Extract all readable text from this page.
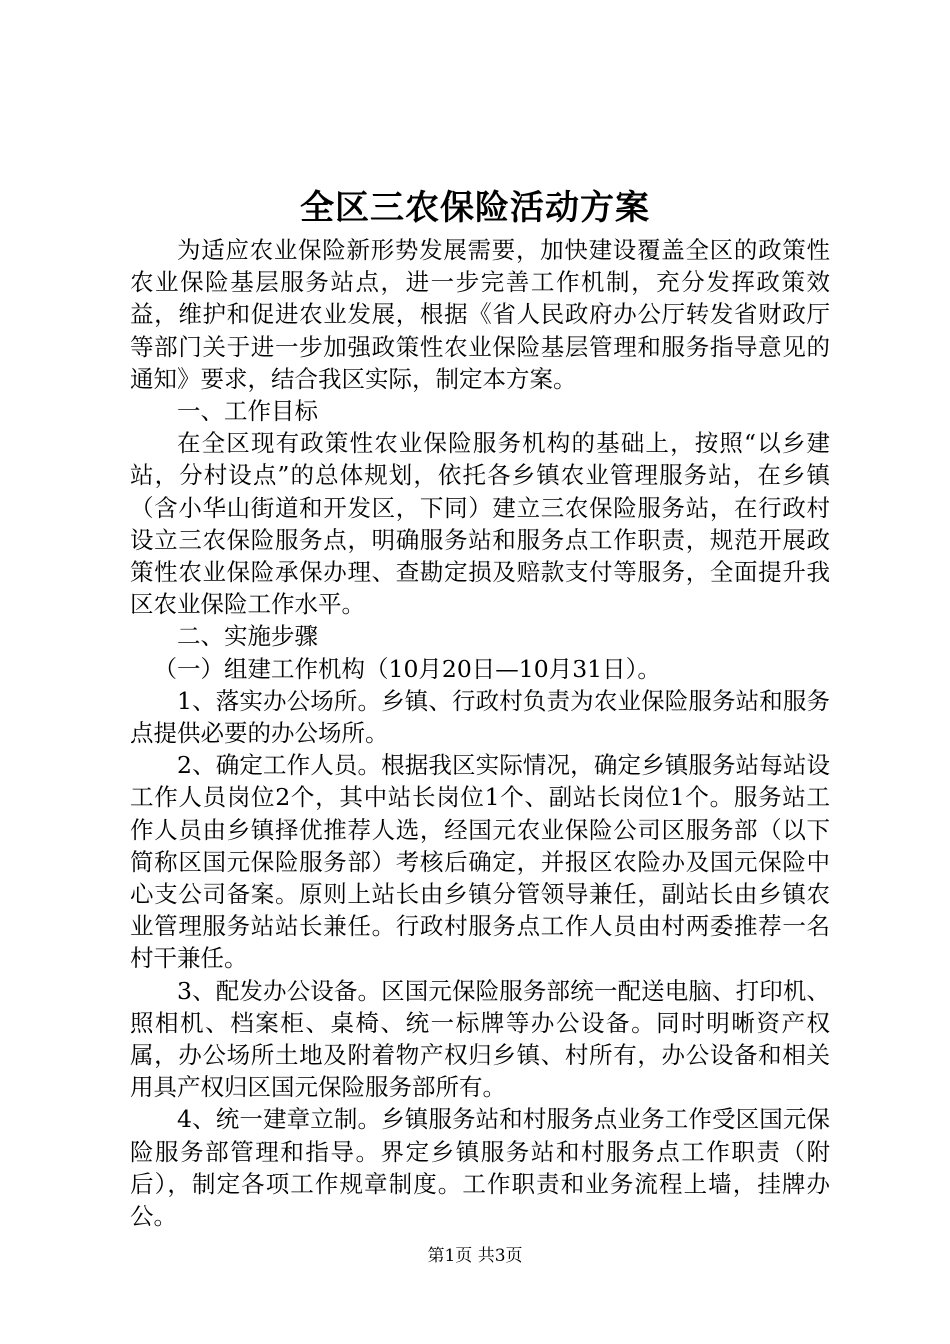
全区三农保险活动方案

为适应农业保险新形势发展需要，加快建设覆盖全区的政策性农业保险基层服务站点，进一步完善工作机制，充分发挥政策效益，维护和促进农业发展，根据《省人民政府办公厅转发省财政厅等部门关于进一步加强政策性农业保险基层管理和服务指导意见的通知》要求，结合我区实际，制定本方案。

一、工作目标

在全区现有政策性农业保险服务机构的基础上，按照“以乡建站，分村设点”的总体规划，依托各乡镇农业管理服务站，在乡镇（含小华山街道和开发区，下同）建立三农保险服务站，在行政村设立三农保险服务点，明确服务站和服务点工作职责，规范开展政策性农业保险承保办理、查勘定损及赔款支付等服务，全面提升我区农业保险工作水平。

二、实施步骤

（一）组建工作机构（10月20日—10月31日）。

1、落实办公场所。乡镇、行政村负责为农业保险服务站和服务点提供必要的办公场所。

2、确定工作人员。根据我区实际情况，确定乡镇服务站每站设工作人员岗位2个，其中站长岗位1个、副站长岗位1个。服务站工作人员由乡镇择优推荐人选，经国元农业保险公司区服务部（以下简称区国元保险服务部）考核后确定，并报区农险办及国元保险中心支公司备案。原则上站长由乡镇分管领导兼任，副站长由乡镇农业管理服务站站长兼任。行政村服务点工作人员由村两委推荐一名村干兼任。

3、配发办公设备。区国元保险服务部统一配送电脑、打印机、照相机、档案柜、桌椅、统一标牌等办公设备。同时明晰资产权属，办公场所土地及附着物产权归乡镇、村所有，办公设备和相关用具产权归区国元保险服务部所有。

4、统一建章立制。乡镇服务站和村服务点业务工作受区国元保险服务部管理和指导。界定乡镇服务站和村服务点工作职责（附后），制定各项工作规章制度。工作职责和业务流程上墙，挂牌办公。

第1页 共3页
